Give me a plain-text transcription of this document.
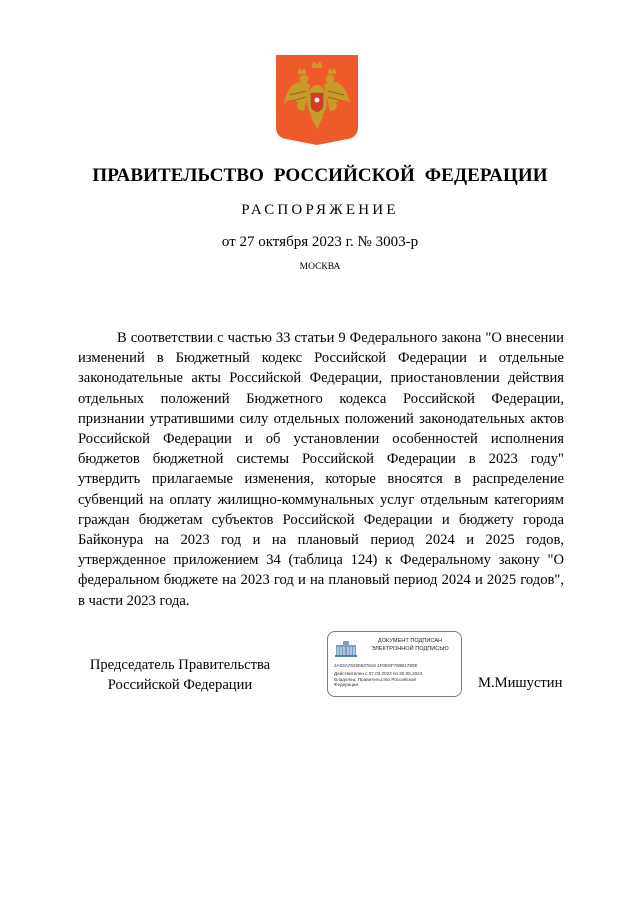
ПРАВИТЕЛЬСТВО РОССИЙСКОЙ ФЕДЕРАЦИИ
РАСПОРЯЖЕНИЕ
от 27 октября 2023 г. № 3003-р
МОСКВА

В соответствии с частью 33 статьи 9 Федерального закона "О внесении изменений в Бюджетный кодекс Российской Федерации и отдельные законодательные акты Российской Федерации, приостановлении действия отдельных положений Бюджетного кодекса Российской Федерации, признании утратившими силу отдельных положений законодательных актов Российской Федерации и об установлении особенностей исполнения бюджетов бюджетной системы Российской Федерации в 2023 году" утвердить прилагаемые изменения, которые вносятся в распределение субвенций на оплату жилищно-коммунальных услуг отдельным категориям граждан бюджетам субъектов Российской Федерации и бюджету города Байконура на 2023 год и на плановый период 2024 и 2025 годов, утвержденное приложением 34 (таблица 124) к Федеральному закону "О федеральном бюджете на 2023 год и на плановый период 2024 и 2025 годов", в части 2023 года.

Председатель Правительства
Российской Федерации
ДОКУМЕНТ ПОДПИСАН
ЭЛЕКТРОННОЙ ПОДПИСЬЮ
2A03A76290637616 1F0E9F780B1780E
Действителен с 07.03.2023 по 30.05.2024
Владелец: Правительство Российской
Федерации	М.Мишустин
